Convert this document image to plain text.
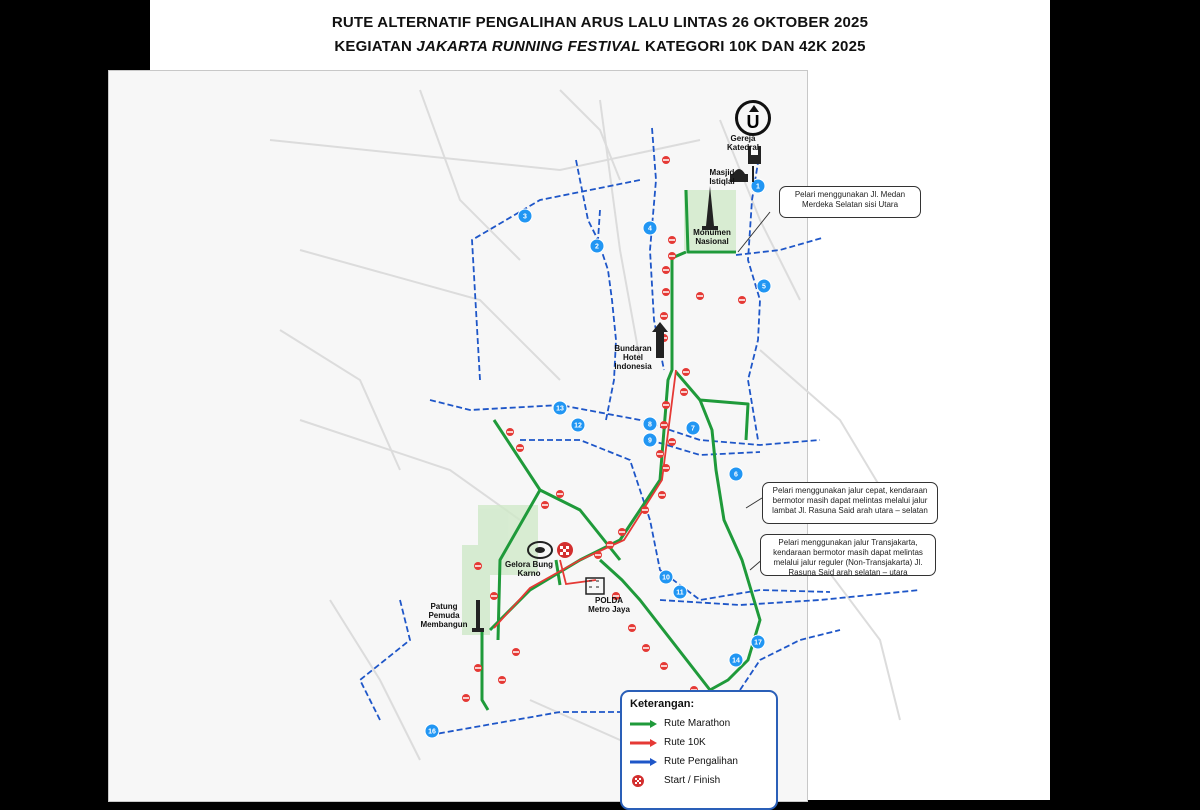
RUTE ALTERNATIF PENGALIHAN ARUS LALU LINTAS 26 OKTOBER 2025
KEGIATAN JAKARTA RUNNING FESTIVAL KATEGORI 10K DAN 42K 2025
1
2
3
4
5
6
7
8
9
10
11
12
13
14
16
17
U
Gereja Katedral
Masjid Istiqlal
Monumen Nasional
Bundaran Hotel Indonesia
Gelora Bung Karno
POLDA Metro Jaya
Patung Pemuda Membangun
Pelari menggunakan Jl. Medan Merdeka Selatan sisi Utara
Pelari menggunakan jalur cepat, kendaraan bermotor masih dapat melintas melalui jalur lambat Jl. Rasuna Said arah utara – selatan
Pelari menggunakan jalur Transjakarta, kendaraan bermotor masih dapat melintas melalui jalur reguler (Non-Transjakarta) Jl. Rasuna Said arah selatan – utara
Keterangan:
Rute Marathon
Rute 10K
Rute Pengalihan
Start / Finish
